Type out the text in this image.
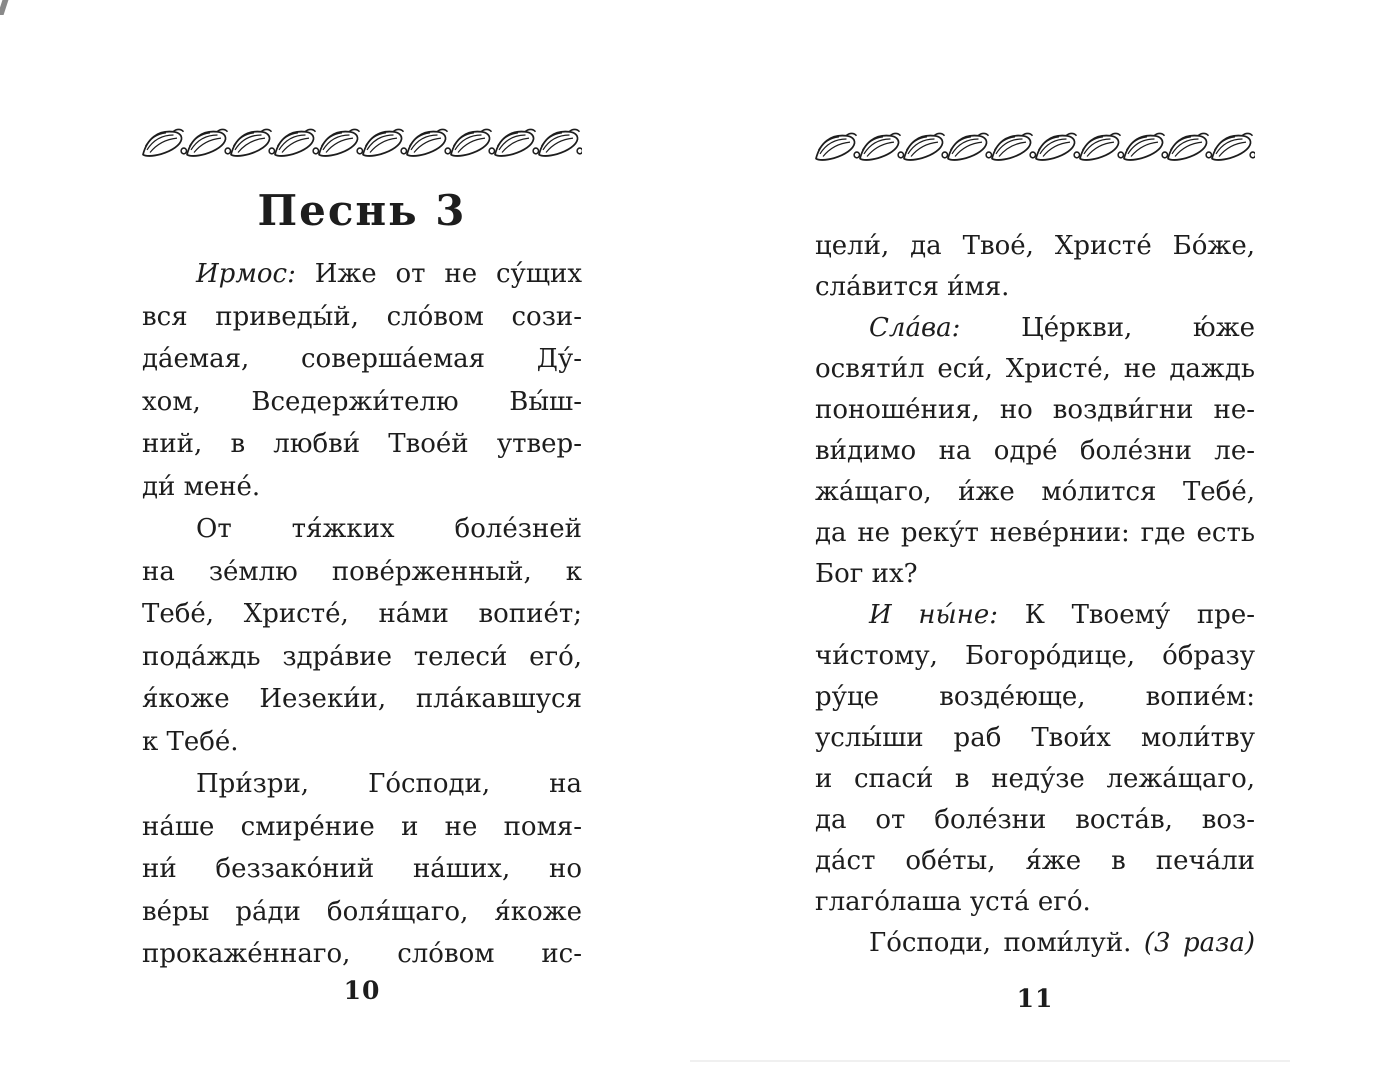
Песнь 3
Ирмос: Иже от не су́щих
вся приведы́й, сло́вом сози-
да́емая, соверша́емая Ду́-
хом, Вседержи́телю Вы́ш-
ний, в любви́ Твое́й утвер-
ди́ мене́.
От тя́жких боле́зней
на зе́млю пове́рженный, к
Тебе́, Христе́, на́ми вопие́т;
пода́ждь здра́вие телеси́ его́,
я́коже Иезеки́и, пла́кавшуся
к Тебе́.
При́зри, Го́споди, на
на́ше смире́ние и не помя-
ни́ беззако́ний на́ших, но
ве́ры ра́ди боля́щаго, я́коже
прокаже́ннаго, сло́вом ис-
10
цели́, да Твое́, Христе́ Бо́же,
сла́вится и́мя.
Сла́ва: Це́ркви, ю́же
освяти́л еси́, Христе́, не даждь
поноше́ния, но воздви́гни не-
ви́димо на одре́ боле́зни ле-
жа́щаго, и́же мо́лится Тебе́,
да не реку́т неве́рнии: где есть
Бог их?
И ны́не: К Твоему́ пре-
чи́стому, Богоро́дице, о́бразу
ру́це возде́юще, вопие́м:
услы́ши раб Твои́х моли́тву
и спаси́ в неду́зе лежа́щаго,
да от боле́зни воста́в, воз-
да́ст обе́ты, я́же в печа́ли
глаго́лаша уста́ его́.
Го́споди, поми́луй. (3 раза)
11
